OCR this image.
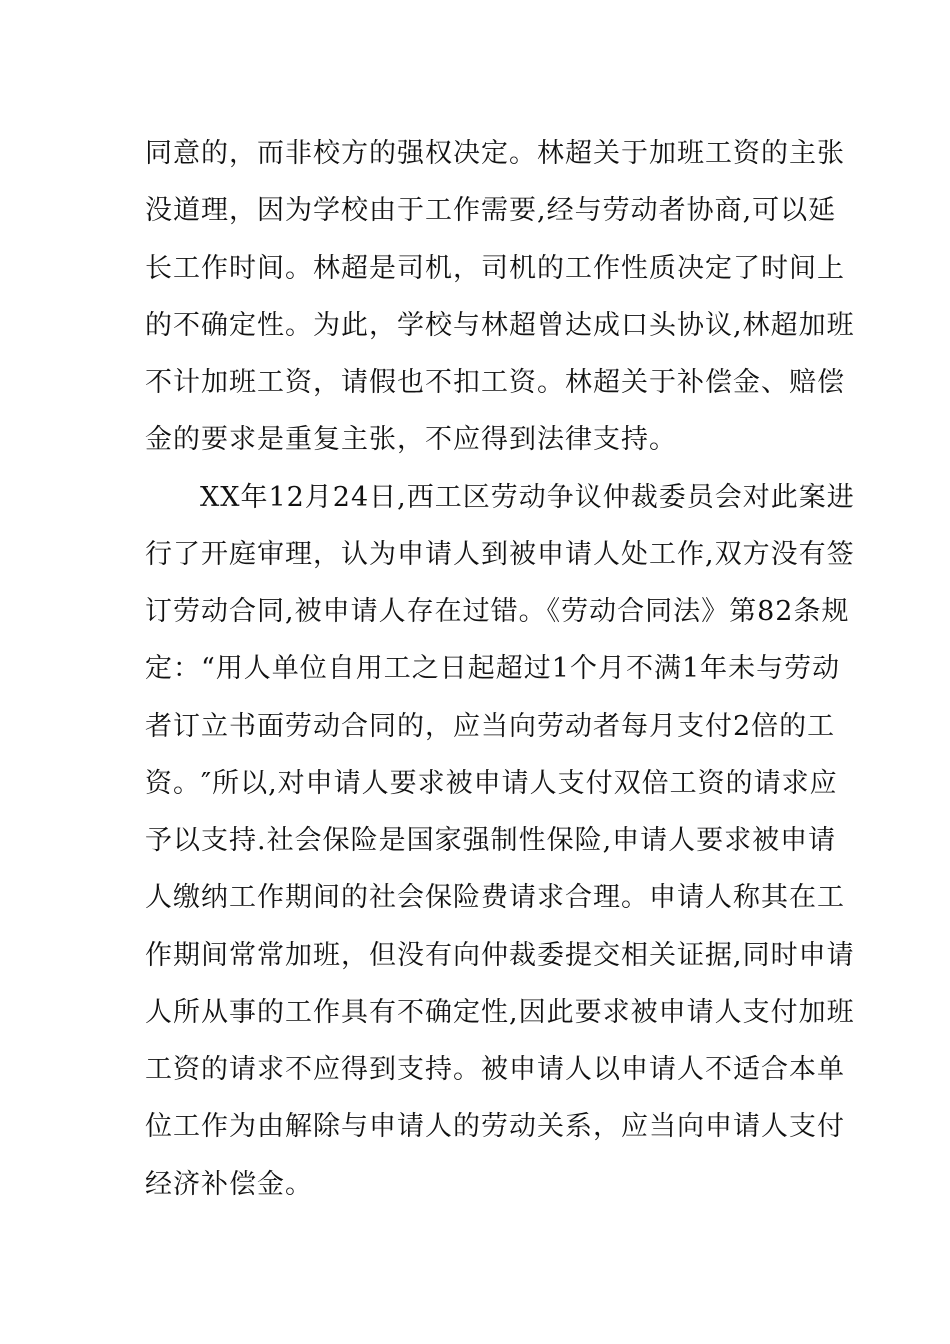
同意的，而非校方的强权决定。林超关于加班工资的主张
没道理，因为学校由于工作需要,经与劳动者协商,可以延
长工作时间。林超是司机，司机的工作性质决定了时间上
的不确定性。为此，学校与林超曾达成口头协议,林超加班
不计加班工资，请假也不扣工资。林超关于补偿金、赔偿
金的要求是重复主张，不应得到法律支持。
XX年12月24日,西工区劳动争议仲裁委员会对此案进
行了开庭审理，认为申请人到被申请人处工作,双方没有签
订劳动合同,被申请人存在过错。《劳动合同法》第82条规
定：“用人单位自用工之日起超过1个月不满1年未与劳动
者订立书面劳动合同的，应当向劳动者每月支付2倍的工
资。″所以,对申请人要求被申请人支付双倍工资的请求应
予以支持.社会保险是国家强制性保险,申请人要求被申请
人缴纳工作期间的社会保险费请求合理。申请人称其在工
作期间常常加班，但没有向仲裁委提交相关证据,同时申请
人所从事的工作具有不确定性,因此要求被申请人支付加班
工资的请求不应得到支持。被申请人以申请人不适合本单
位工作为由解除与申请人的劳动关系，应当向申请人支付
经济补偿金。
